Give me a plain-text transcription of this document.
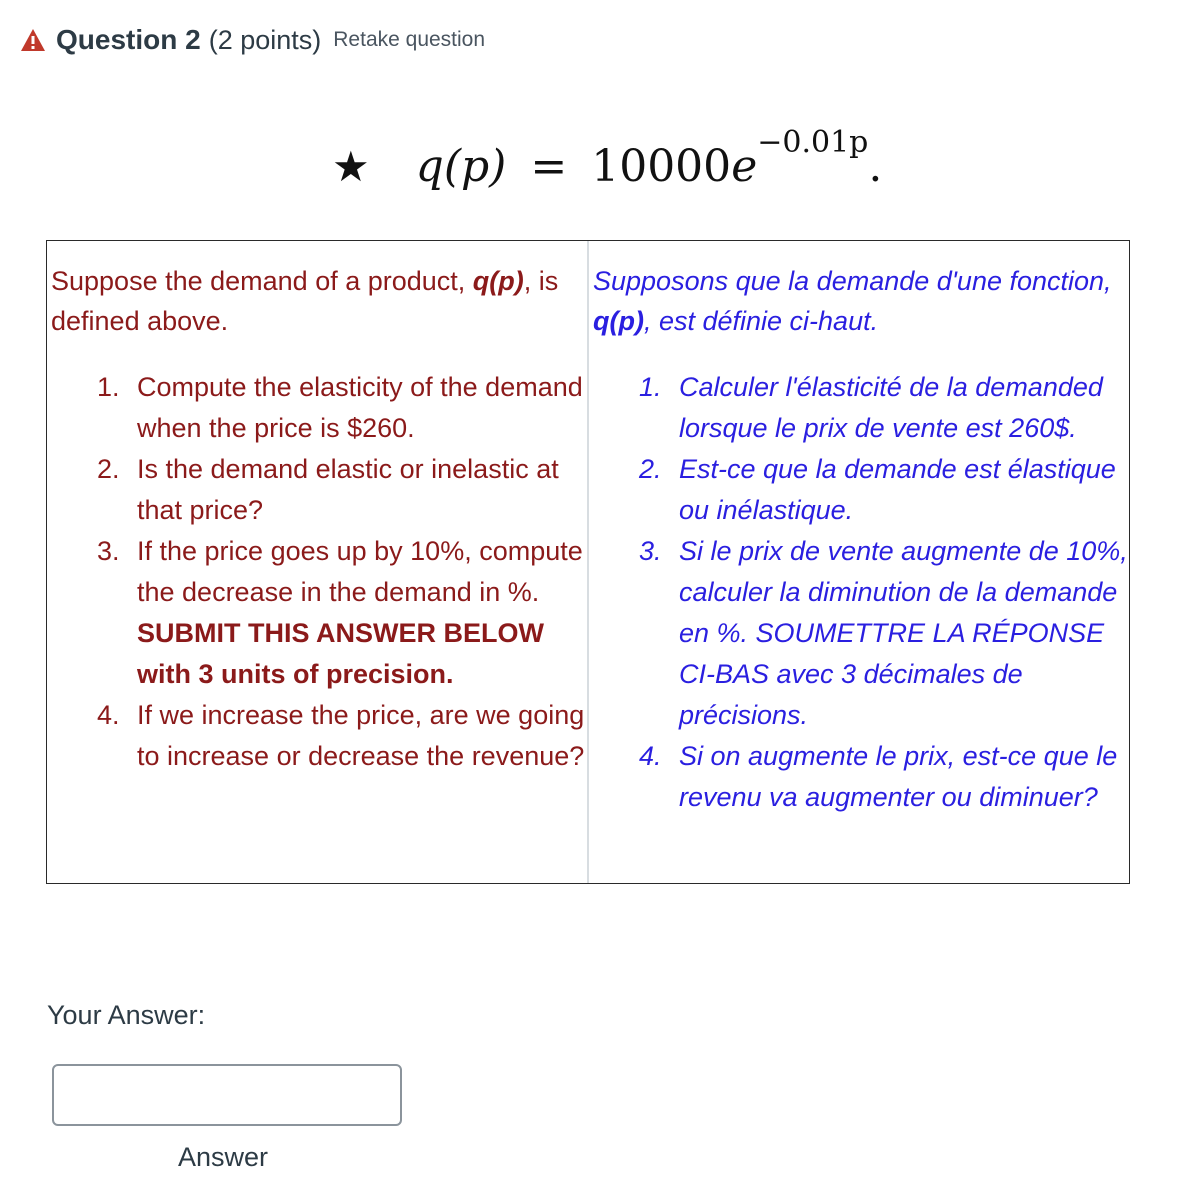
Question 2 (2 points) Retake question
★ q(p) = 10000 e −0.01p .
Suppose the demand of a product, q(p), is defined above.
1. Compute the elasticity of the demand when the price is $260.
2. Is the demand elastic or inelastic at that price?
3. If the price goes up by 10%, compute the decrease in the demand in %. SUBMIT THIS ANSWER BELOW with 3 units of precision.
4. If we increase the price, are we going to increase or decrease the revenue?
Supposons que la demande d'une fonction, q(p), est définie ci-haut.
1. Calculer l'élasticité de la demanded lorsque le prix de vente est 260$.
2. Est-ce que la demande est élastique ou inélastique.
3. Si le prix de vente augmente de 10%, calculer la diminution de la demande en %. SOUMETTRE LA RÉPONSE CI-BAS avec 3 décimales de précisions.
4. Si on augmente le prix, est-ce que le revenu va augmenter ou diminuer?
Your Answer:
Answer
